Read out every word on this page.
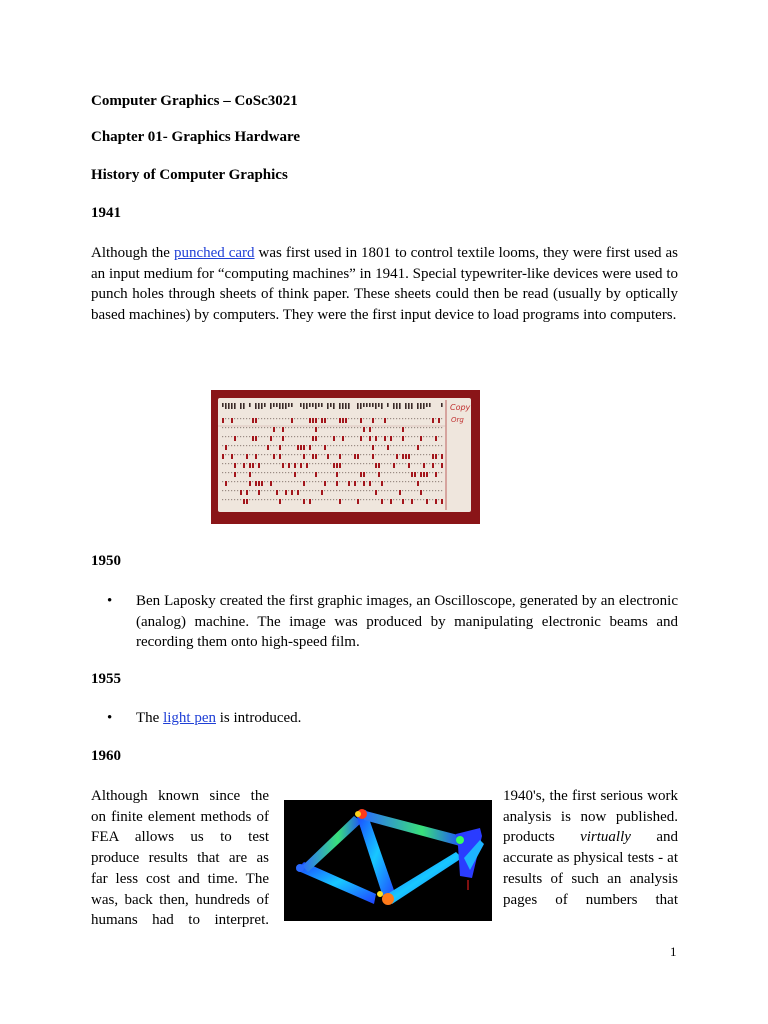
Computer Graphics – CoSc3021
Chapter 01- Graphics Hardware
History of Computer Graphics
1941

Although the punched card was first used in 1801 to control textile looms, they were first used as an input medium for “computing machines” in 1941. Special typewriter-like devices were used to punch holes through sheets of think paper. These sheets could then be read (usually by optically based machines) by computers. They were the first input device to load programs into computers.

Copy
Org
1950
• Ben Laposky created the first graphic images, an Oscilloscope, generated by an electronic (analog) machine. The image was produced by manipulating electronic beams and recording them onto high-speed film.
1955
• The light pen is introduced.
1960
Although known since the
on finite element methods of
FEA allows us to test
produce results that are as
far less cost and time. The
was, back then, hundreds of
humans had to interpret.
1940's, the first serious work
analysis is now published.
products virtually and
accurate as physical tests - at
results of such an analysis
pages of numbers that
1
